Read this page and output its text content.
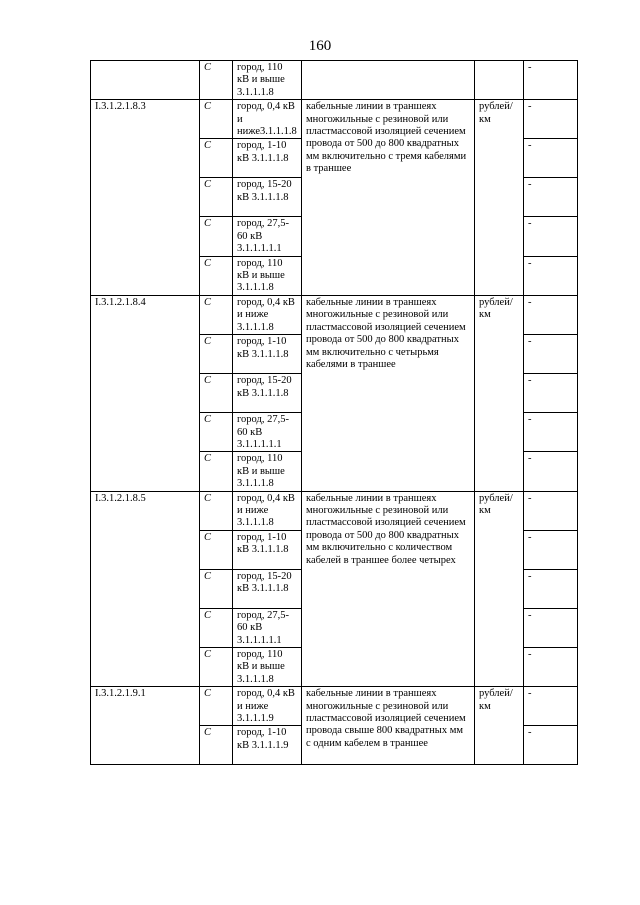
160
	С	город, 110 кВ и выше 3.1.1.1.8			-
I.3.1.2.1.8.3	С	город, 0,4 кВ и ниже3.1.1.1.8	кабельные линии в траншеях многожильные с резиновой или пластмассовой изоляцией сечением провода от 500 до 800 квадратных мм включительно с тремя кабелями в траншее	рублей/ км	-
	С	город, 1-10 кВ 3.1.1.1.8			-
	С	город, 15-20 кВ 3.1.1.1.8			-
	С	город, 27,5-60 кВ 3.1.1.1.1.1			-
	С	город, 110 кВ и выше 3.1.1.1.8			-
I.3.1.2.1.8.4	С	город, 0,4 кВ и ниже 3.1.1.1.8	кабельные линии в траншеях многожильные с резиновой или пластмассовой изоляцией сечением провода от 500 до 800 квадратных мм включительно с четырьмя кабелями в траншее	рублей/ км	-
	С	город, 1-10 кВ 3.1.1.1.8			-
	С	город, 15-20 кВ 3.1.1.1.8			-
	С	город, 27,5-60 кВ 3.1.1.1.1.1			-
	С	город, 110 кВ и выше 3.1.1.1.8			-
I.3.1.2.1.8.5	С	город, 0,4 кВ и ниже 3.1.1.1.8	кабельные линии в траншеях многожильные с резиновой или пластмассовой изоляцией сечением провода от 500 до 800 квадратных мм включительно с количеством кабелей в траншее более четырех	рублей/ км	-
	С	город, 1-10 кВ 3.1.1.1.8			-
	С	город, 15-20 кВ 3.1.1.1.8			-
	С	город, 27,5-60 кВ 3.1.1.1.1.1			-
	С	город, 110 кВ и выше 3.1.1.1.8			-
I.3.1.2.1.9.1	С	город, 0,4 кВ и ниже 3.1.1.1.9	кабельные линии в траншеях многожильные с резиновой или пластмассовой изоляцией сечением провода свыше 800 квадратных мм с одним кабелем в траншее	рублей/ км	-
	С	город, 1-10 кВ 3.1.1.1.9			-
